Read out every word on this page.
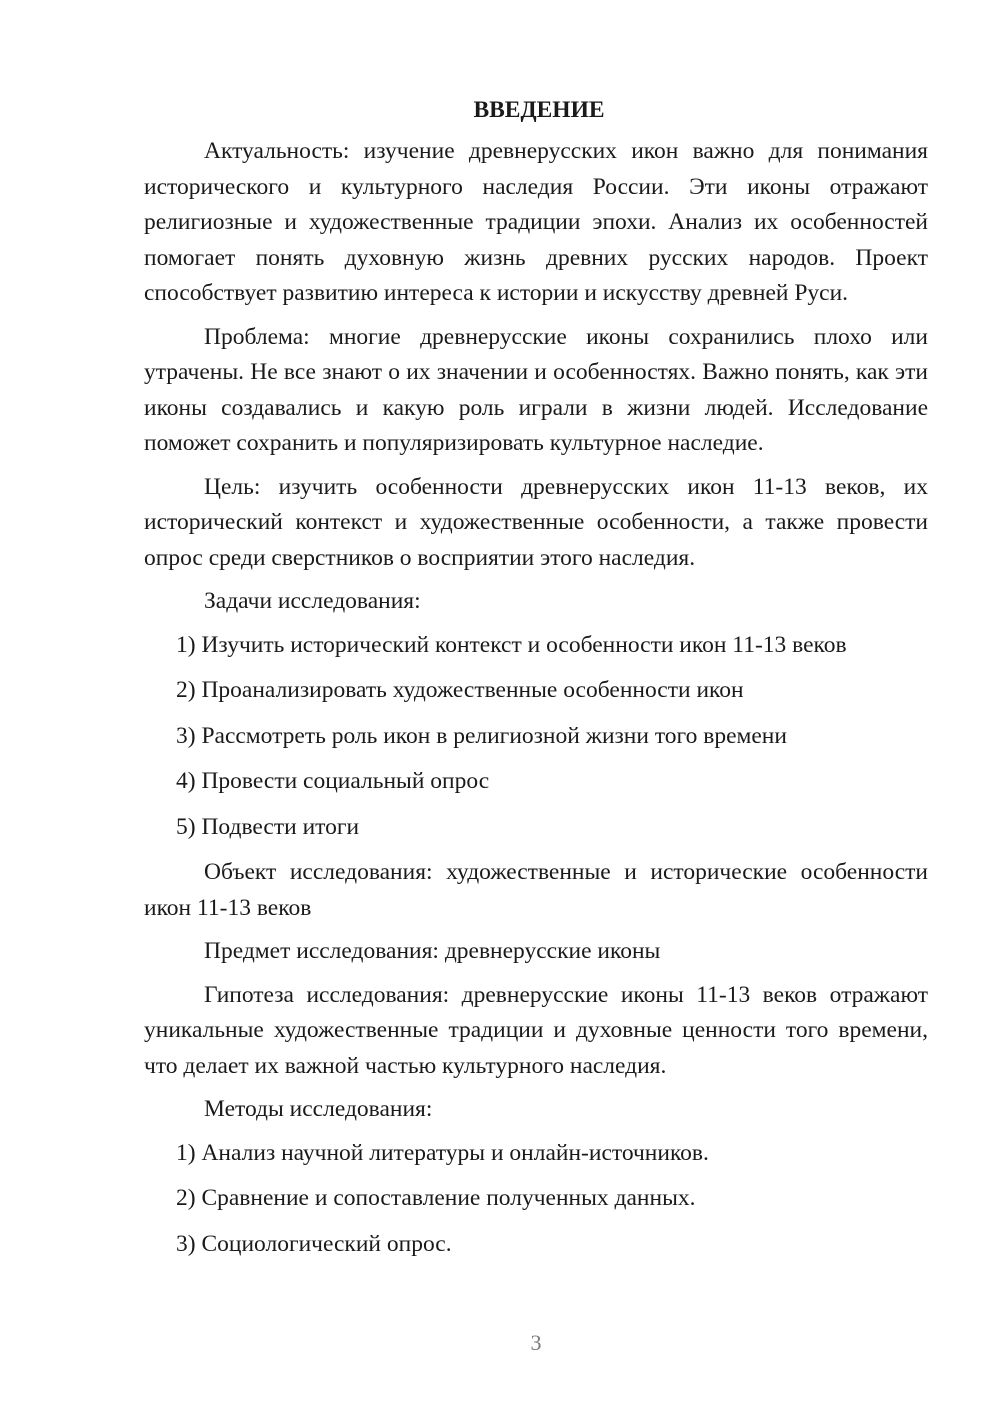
ВВЕДЕНИЕ

Актуальность: изучение древнерусских икон важно для понимания исторического и культурного наследия России. Эти иконы отражают религиозные и художественные традиции эпохи. Анализ их особенностей помогает понять духовную жизнь древних русских народов. Проект способствует развитию интереса к истории и искусству древней Руси.

Проблема: многие древнерусские иконы сохранились плохо или утрачены. Не все знают о их значении и особенностях. Важно понять, как эти иконы создавались и какую роль играли в жизни людей. Исследование поможет сохранить и популяризировать культурное наследие.

Цель: изучить особенности древнерусских икон 11-13 веков, их исторический контекст и художественные особенности, а также провести опрос среди сверстников о восприятии этого наследия.

Задачи исследования:

1) Изучить исторический контекст и особенности икон 11-13 веков
2) Проанализировать художественные особенности икон
3) Рассмотреть роль икон в религиозной жизни того времени
4) Провести социальный опрос
5) Подвести итоги

Объект исследования: художественные и исторические особенности икон 11-13 веков

Предмет исследования: древнерусские иконы

Гипотеза исследования: древнерусские иконы 11-13 веков отражают уникальные художественные традиции и духовные ценности того времени, что делает их важной частью культурного наследия.

Методы исследования:

1) Анализ научной литературы и онлайн-источников.
2) Сравнение и сопоставление полученных данных.
3) Социологический опрос.
3
